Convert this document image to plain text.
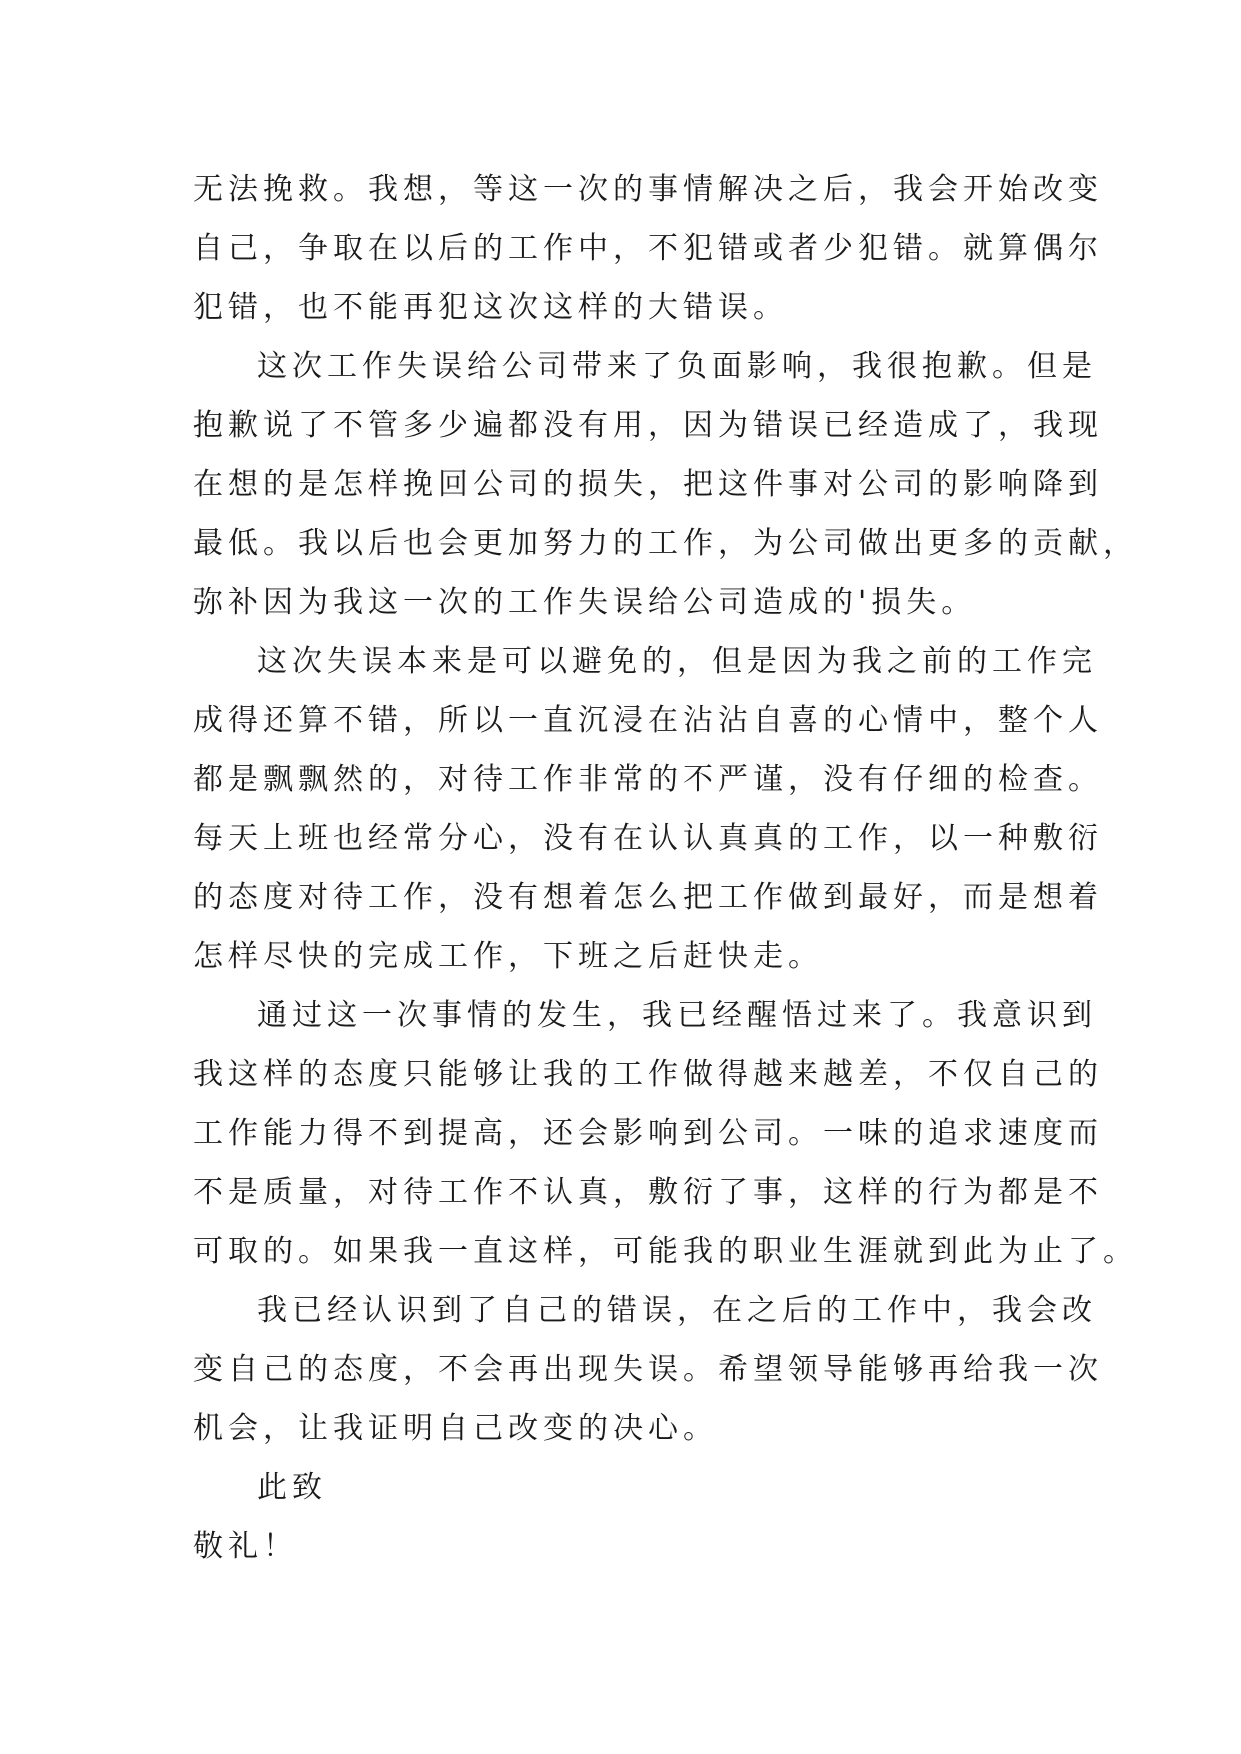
无法挽救。我想，等这一次的事情解决之后，我会开始改变
自己，争取在以后的工作中，不犯错或者少犯错。就算偶尔
犯错，也不能再犯这次这样的大错误。
这次工作失误给公司带来了负面影响，我很抱歉。但是
抱歉说了不管多少遍都没有用，因为错误已经造成了，我现
在想的是怎样挽回公司的损失，把这件事对公司的影响降到
最低。我以后也会更加努力的工作，为公司做出更多的贡献，
弥补因为我这一次的工作失误给公司造成的'损失。
这次失误本来是可以避免的，但是因为我之前的工作完
成得还算不错，所以一直沉浸在沾沾自喜的心情中，整个人
都是飘飘然的，对待工作非常的不严谨，没有仔细的检查。
每天上班也经常分心，没有在认认真真的工作，以一种敷衍
的态度对待工作，没有想着怎么把工作做到最好，而是想着
怎样尽快的完成工作，下班之后赶快走。
通过这一次事情的发生，我已经醒悟过来了。我意识到
我这样的态度只能够让我的工作做得越来越差，不仅自己的
工作能力得不到提高，还会影响到公司。一味的追求速度而
不是质量，对待工作不认真，敷衍了事，这样的行为都是不
可取的。如果我一直这样，可能我的职业生涯就到此为止了。
我已经认识到了自己的错误，在之后的工作中，我会改
变自己的态度，不会再出现失误。希望领导能够再给我一次
机会，让我证明自己改变的决心。
此致
敬礼！
